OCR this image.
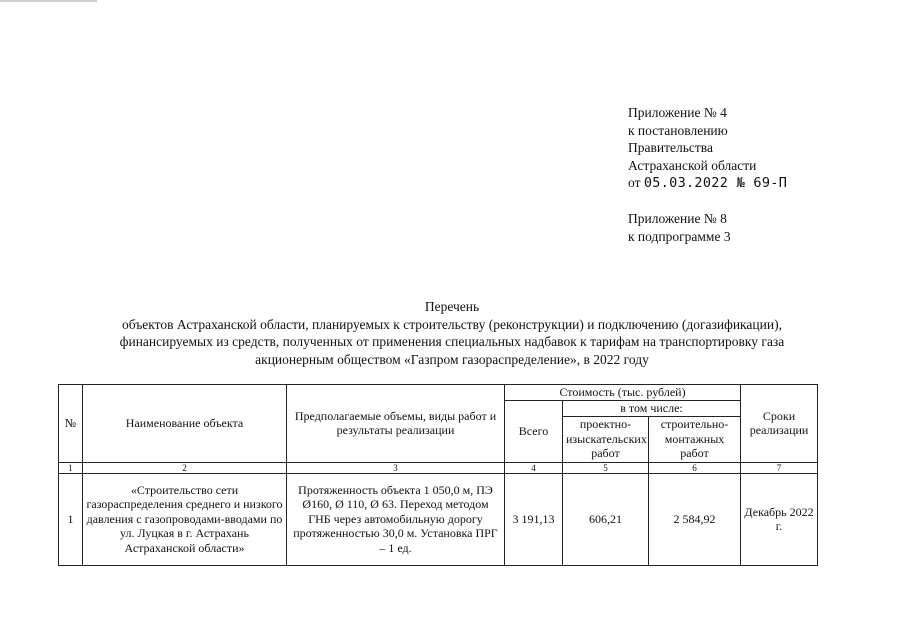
Приложение № 4
к постановлению
Правительства
Астраханской области
от 05.03.2022 № 69-П
Приложение № 8
к подпрограмме 3
Перечень
объектов Астраханской области, планируемых к строительству (реконструкции) и подключению (догазификации),
финансируемых из средств, полученных от применения специальных надбавок к тарифам на транспортировку газа
акционерным обществом «Газпром газораспределение», в 2022 году
№	Наименование объекта	Предполагаемые объемы, виды работ и результаты реализации	Стоимость (тыс. рублей)			Сроки реализации
			Всего	в том числе:		
				проектно-изыскательских работ	строительно-монтажных работ	
1	2	3	4	5	6	7
1	«Строительство сети газораспределения среднего и низкого давления с газопроводами-вводами по ул. Луцкая в г. Астрахань Астраханской области»	Протяженность объекта 1 050,0 м, ПЭ Ø160, Ø 110, Ø 63. Переход методом ГНБ через автомобильную дорогу протяженностью 30,0 м. Установка ПРГ – 1 ед.	3 191,13	606,21	2 584,92	Декабрь 2022 г.
